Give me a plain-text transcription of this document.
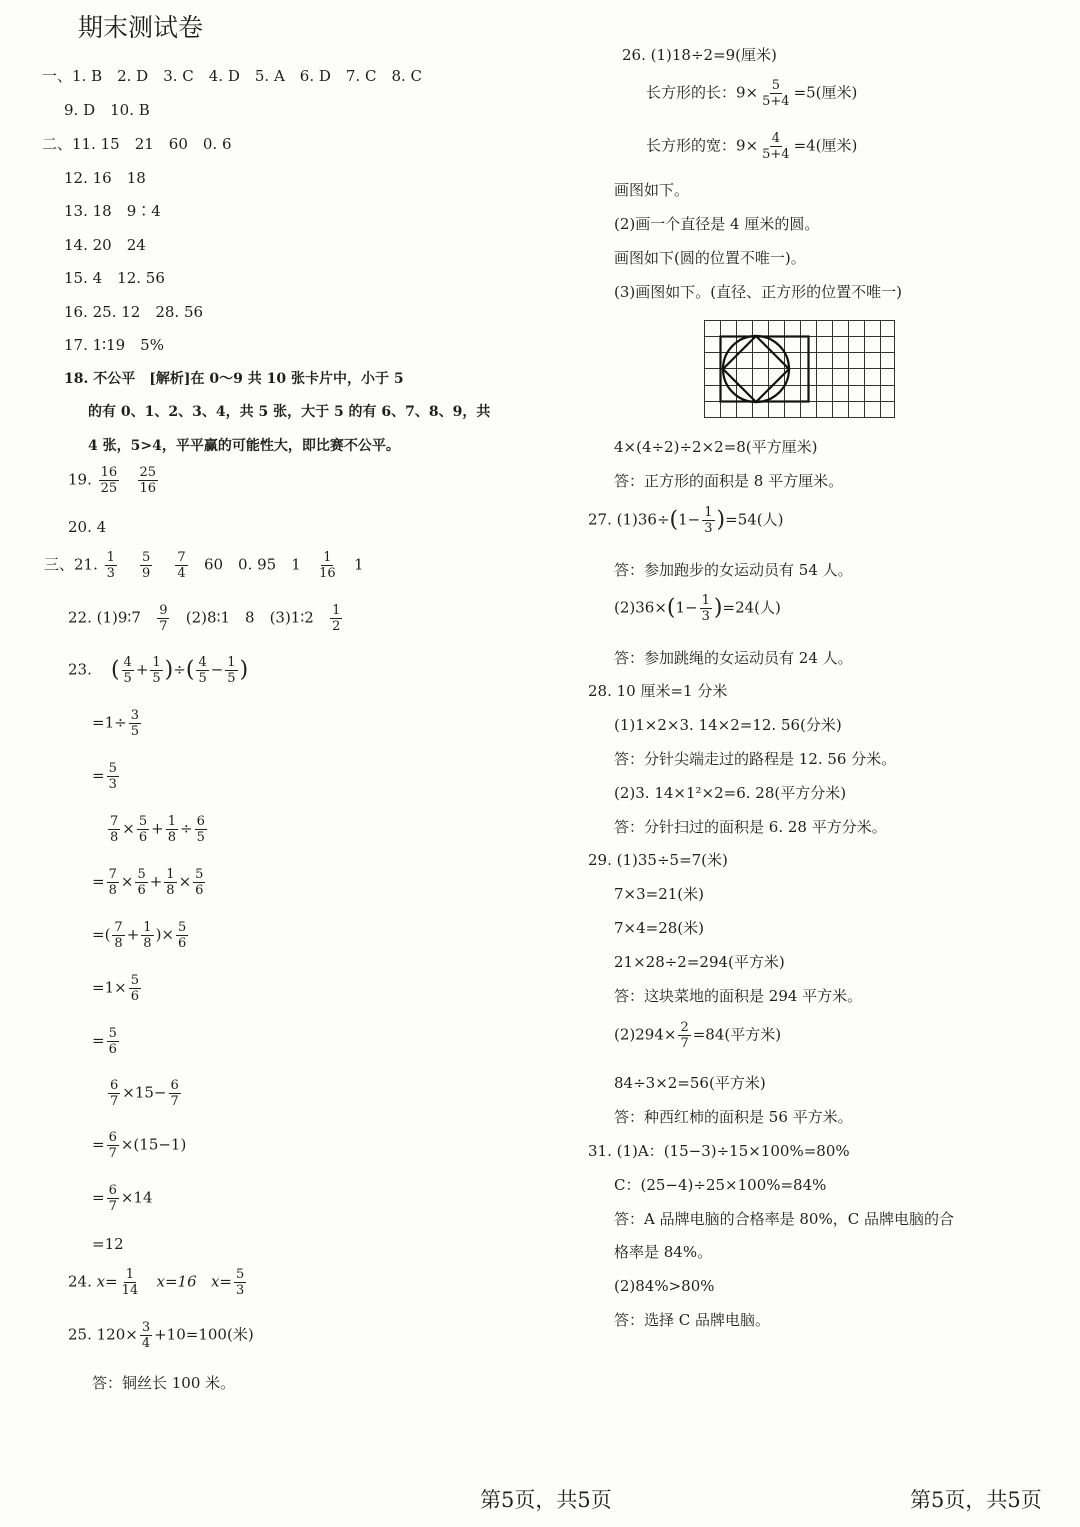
期末测试卷
一、1. B　2. D　3. C　4. D　5. A　6. D　7. C　8. C
9. D　10. B
二、11. 15　21　60　0. 6
12. 16　18
13. 18　9∶4
14. 20　24
15. 4　12. 56
16. 25. 12　28. 56
17. 1∶19　5%
18. 不公平　[解析]在 0～9 共 10 张卡片中，小于 5
的有 0、1、2、3、4，共 5 张，大于 5 的有 6、7、8、9，共
4 张，5>4，平平赢的可能性大，即比赛不公平。
19. $\frac{16}{25}$
$\frac{25}{16}$
20. 4
三、21. $\frac{1}{3}$
$\frac{5}{9}$
$\frac{7}{4} 60$　0. 95　$1 \frac{1}{16} 1$
22. (1)9∶7 $\frac{9}{7}$ (2)8∶1　8　(3)1∶2 $\frac{1}{2}$
23. ( $\frac{4}{5} + \frac{1}{5}$ )÷( $\frac{4}{5} - \frac{1}{5}$ )
$=1\div \frac{3}{5}$
= $\frac{5}{3}$
$\frac{7}{8} \times \frac{5}{6} + \frac{1}{8} \div \frac{6}{5}$
= $\frac{7}{8} \times \frac{5}{6} + \frac{1}{8} \times \frac{5}{6}$
=( $\frac{7}{8} + \frac{1}{8}$ )× $\frac{5}{6}$
$=1\times \frac{5}{6}$
= $\frac{5}{6}$
$\frac{6}{7} \times 15- \frac{6}{7}$
= $\frac{6}{7} \times(15-1)$
= $\frac{6}{7} \times 14$
=12
24. $x= \frac{1}{14} x=16$ $x= \frac{5}{3}$
25. $120\times \frac{3}{4} +10=100$(米)
答：铜丝长 100 米。
26. (1)18÷2=9(厘米)
长方形的长：$9\times \frac{5}{5+4} =5$(厘米)
长方形的宽：$9\times \frac{4}{5+4} =4$(厘米)
画图如下。
(2)画一个直径是 4 厘米的圆。
画图如下(圆的位置不唯一)。
(3)画图如下。(直径、正方形的位置不唯一)
4×(4÷2)÷2×2=8(平方厘米)
答：正方形的面积是 8 平方厘米。
27. $(1)36\div(1- \frac{1}{3} )=54$(人)
答：参加跑步的女运动员有 54 人。
$(2)36\times(1- \frac{1}{3} )=24$(人)
答：参加跳绳的女运动员有 24 人。
28. 10 厘米=1 分米
(1)1×2×3. 14×2=12. 56(分米)
答：分针尖端走过的路程是 12. 56 分米。
(2)3. 14×1²×2=6. 28(平方分米)
答：分针扫过的面积是 6. 28 平方分米。
29. (1)35÷5=7(米)
7×3=21(米)
7×4=28(米)
21×28÷2=294(平方米)
答：这块菜地的面积是 294 平方米。
$(2)294\times \frac{2}{7} =84$(平方米)
84÷3×2=56(平方米)
答：种西红柿的面积是 56 平方米。
31. (1)A：(15−3)÷15×100%=80%
C：(25−4)÷25×100%=84%
答：A 品牌电脑的合格率是 80%，C 品牌电脑的合
格率是 84%。
(2)84%>80%
答：选择 C 品牌电脑。
第5页，共5页	第5页，共5页
